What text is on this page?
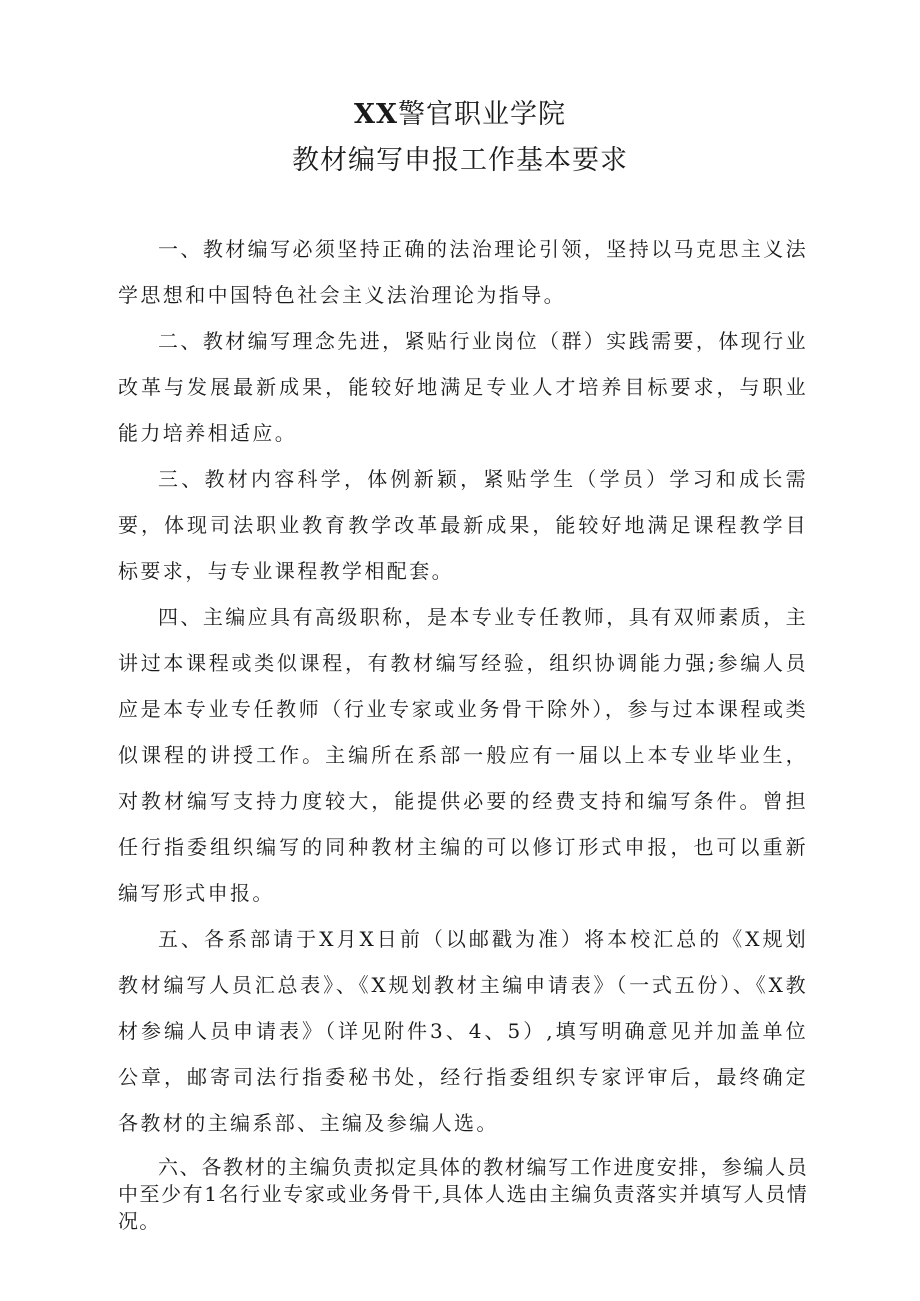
XX警官职业学院
教材编写申报工作基本要求

一、教材编写必须坚持正确的法治理论引领，坚持以马克思主义法学思想和中国特色社会主义法治理论为指导。

二、教材编写理念先进，紧贴行业岗位（群）实践需要，体现行业改革与发展最新成果，能较好地满足专业人才培养目标要求，与职业能力培养相适应。

三、教材内容科学，体例新颖，紧贴学生（学员）学习和成长需要，体现司法职业教育教学改革最新成果，能较好地满足课程教学目标要求，与专业课程教学相配套。

四、主编应具有高级职称，是本专业专任教师，具有双师素质，主讲过本课程或类似课程，有教材编写经验，组织协调能力强;参编人员应是本专业专任教师（行业专家或业务骨干除外），参与过本课程或类似课程的讲授工作。主编所在系部一般应有一届以上本专业毕业生，对教材编写支持力度较大，能提供必要的经费支持和编写条件。曾担任行指委组织编写的同种教材主编的可以修订形式申报，也可以重新编写形式申报。

五、各系部请于X月X日前（以邮戳为准）将本校汇总的《X规划教材编写人员汇总表》、《X规划教材主编申请表》（一式五份）、《X教材参编人员申请表》（详见附件3、4、5）,填写明确意见并加盖单位公章，邮寄司法行指委秘书处，经行指委组织专家评审后，最终确定各教材的主编系部、主编及参编人选。

六、各教材的主编负责拟定具体的教材编写工作进度安排，参编人员中至少有1名行业专家或业务骨干,具体人选由主编负责落实并填写人员情况。
